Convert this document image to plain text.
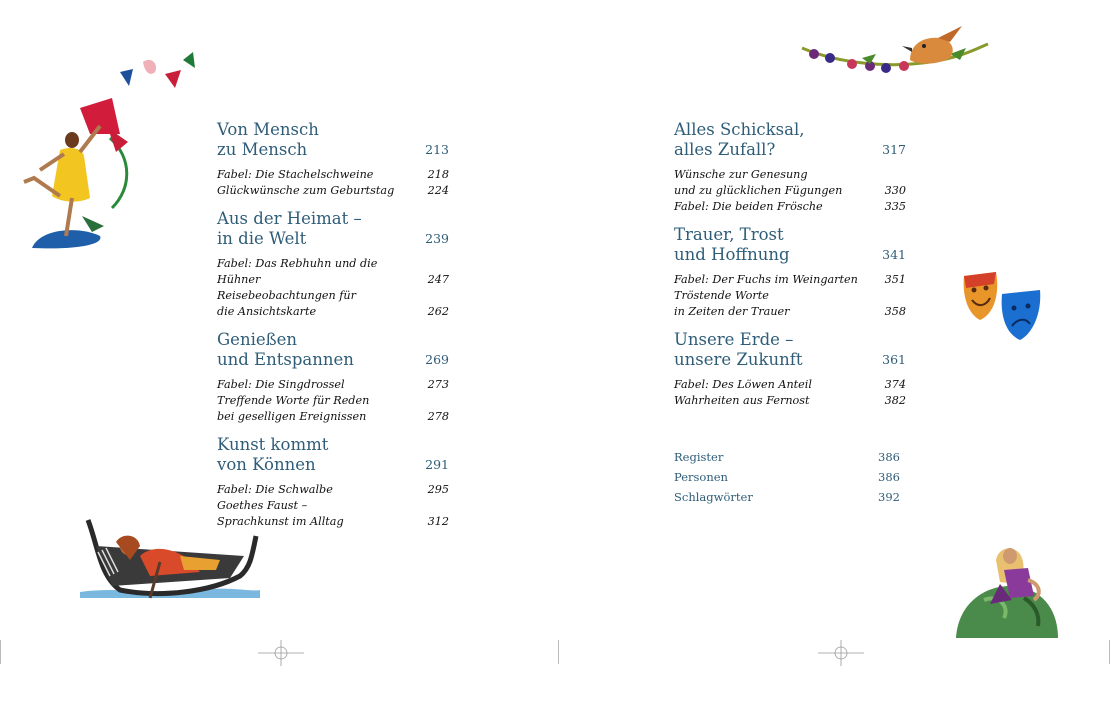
Von Mensch
zu Mensch	213
Fabel: Die Stachelschweine	218
Glückwünsche zum Geburtstag	224
Aus der Heimat –
in die Welt	239
Fabel: Das Rebhuhn und die Hühner	247
Reisebeobachtungen für
die Ansichtskarte	262
Genießen
und Entspannen	269
Fabel: Die Singdrossel	273
Treffende Worte für Reden
bei geselligen Ereignissen	278
Kunst kommt
von Können	291
Fabel: Die Schwalbe	295
Goethes Faust –
Sprachkunst im Alltag	312
Alles Schicksal,
alles Zufall?	317
Wünsche zur Genesung
und zu glücklichen Fügungen	330
Fabel: Die beiden Frösche	335
Trauer, Trost
und Hoffnung	341
Fabel: Der Fuchs im Weingarten	351
Tröstende Worte
in Zeiten der Trauer	358
Unsere Erde –
unsere Zukunft	361
Fabel: Des Löwen Anteil	374
Wahrheiten aus Fernost	382
Register	386
Personen	386
Schlagwörter	392
